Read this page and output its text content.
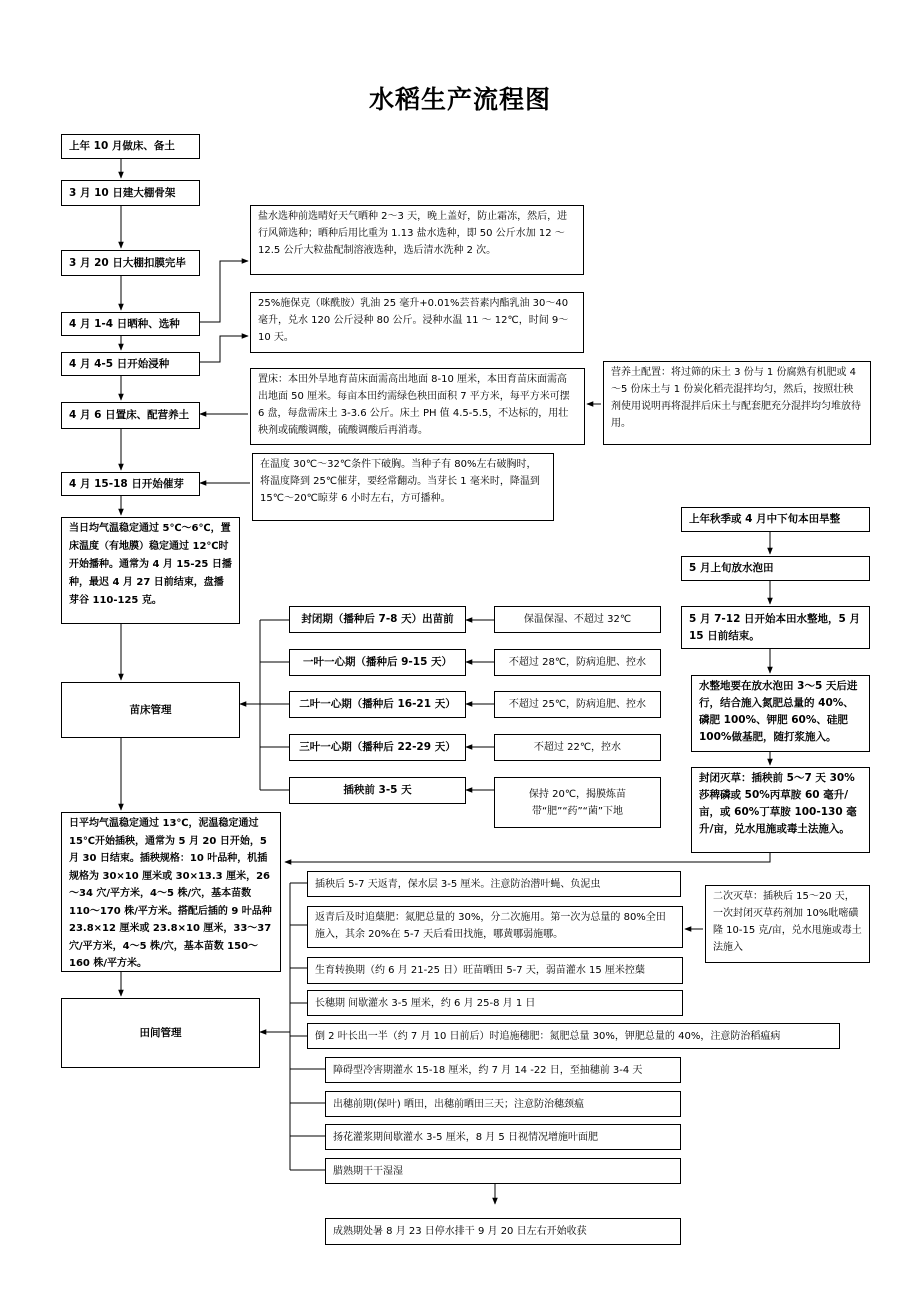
水稻生产流程图
上年 10 月做床、备土
3 月 10 日建大棚骨架
3 月 20 日大棚扣膜完毕
4 月 1-4 日晒种、选种
4 月 4-5 日开始浸种
4 月 6 日置床、配营养土
4 月 15-18 日开始催芽
当日均气温稳定通过 5℃～6℃，置床温度（有地膜）稳定通过 12℃时开始播种。通常为 4 月 15-25 日播种，最迟 4 月 27 日前结束，盘播芽谷 110-125 克。
苗床管理
日平均气温稳定通过 13℃，泥温稳定通过 15℃开始插秧，通常为 5 月 20 日开始，5 月 30 日结束。插秧规格：10 叶品种，机插规格为 30×10 厘米或 30×13.3 厘米，26～34 穴/平方米，4～5 株/穴，基本苗数 110～170 株/平方米。搭配后插的 9 叶品种 23.8×12 厘米或 23.8×10 厘米，33～37 穴/平方米，4～5 株/穴，基本苗数 150～160 株/平方米。
田间管理
盐水选种前选晴好天气晒种 2～3 天，晚上盖好，防止霜冻，然后，进行风筛选种；晒种后用比重为 1.13 盐水选种，即 50 公斤水加 12 ～ 12.5 公斤大粒盐配制溶液选种，选后清水洗种 2 次。
25%施保克（咪酰胺）乳油 25 毫升+0.01%芸苔素内酯乳油 30～40 毫升，兑水 120 公斤浸种 80 公斤。浸种水温 11 ～ 12℃，时间 9～10 天。
置床：本田外旱地育苗床面需高出地面 8-10 厘米，本田育苗床面需高出地面 50 厘米。每亩本田约需绿色秧田面积 7 平方米，每平方米可摆 6 盘，每盘需床土 3-3.6 公斤。床土 PH 值 4.5-5.5，不达标的，用壮秧剂或硫酸调酸，硫酸调酸后再消毒。
营养土配置：将过筛的床土 3 份与 1 份腐熟有机肥或 4～5 份床土与 1 份炭化稻壳混拌均匀，然后，按照壮秧剂使用说明再将混拌后床土与配套肥充分混拌均匀堆放待用。
在温度 30℃～32℃条件下破胸。当种子有 80%左右破胸时，将温度降到 25℃催芽，要经常翻动。当芽长 1 毫米时，降温到 15℃～20℃晾芽 6 小时左右，方可播种。
封闭期（播种后 7-8 天）出苗前
一叶一心期（播种后 9-15 天）
二叶一心期（播种后 16-21 天）
三叶一心期（播种后 22-29 天）
插秧前 3-5 天
保温保湿、不超过 32℃
不超过 28℃，防病追肥、控水
不超过 25℃，防病追肥、控水
不超过 22℃，控水
保持 20℃，揭膜炼苗带“肥”“药”“菌”下地
上年秋季或 4 月中下旬本田旱整
5 月上旬放水泡田
5 月 7-12 日开始本田水整地，5 月 15 日前结束。
水整地要在放水泡田 3～5 天后进行，结合施入氮肥总量的 40%、磷肥 100%、钾肥 60%、硅肥 100%做基肥，随打浆施入。
封闭灭草：插秧前 5～7 天 30%莎稗磷或 50%丙草胺 60 毫升/亩，或 60%丁草胺 100-130 毫升/亩，兑水甩施或毒土法施入。
二次灭草：插秧后 15～20 天，一次封闭灭草药剂加 10%吡嘧磺隆 10-15 克/亩，兑水甩施或毒土法施入
插秧后 5-7 天返青，保水层 3-5 厘米。注意防治潜叶蝇、负泥虫
返青后及时追蘖肥：氮肥总量的 30%，分二次施用。第一次为总量的 80%全田施入，其余 20%在 5-7 天后看田找施，哪黄哪弱施哪。
生育转换期（约 6 月 21-25 日）旺苗晒田 5-7 天，弱苗灌水 15 厘米控蘖
长穗期 间歇灌水 3-5 厘米，约 6 月 25-8 月 1 日
倒 2 叶长出一半（约 7 月 10 日前后）时追施穗肥：氮肥总量 30%，钾肥总量的 40%，注意防治稻瘟病
障碍型冷害期灌水 15-18 厘米，约 7 月 14 -22 日，至抽穗前 3-4 天
出穗前期(保叶) 晒田，出穗前晒田三天；注意防治穗颈瘟
扬花灌浆期间歇灌水 3-5 厘米，8 月 5 日视情况增施叶面肥
腊熟期干干湿湿
成熟期处暑 8 月 23 日停水排干 9 月 20 日左右开始收获
